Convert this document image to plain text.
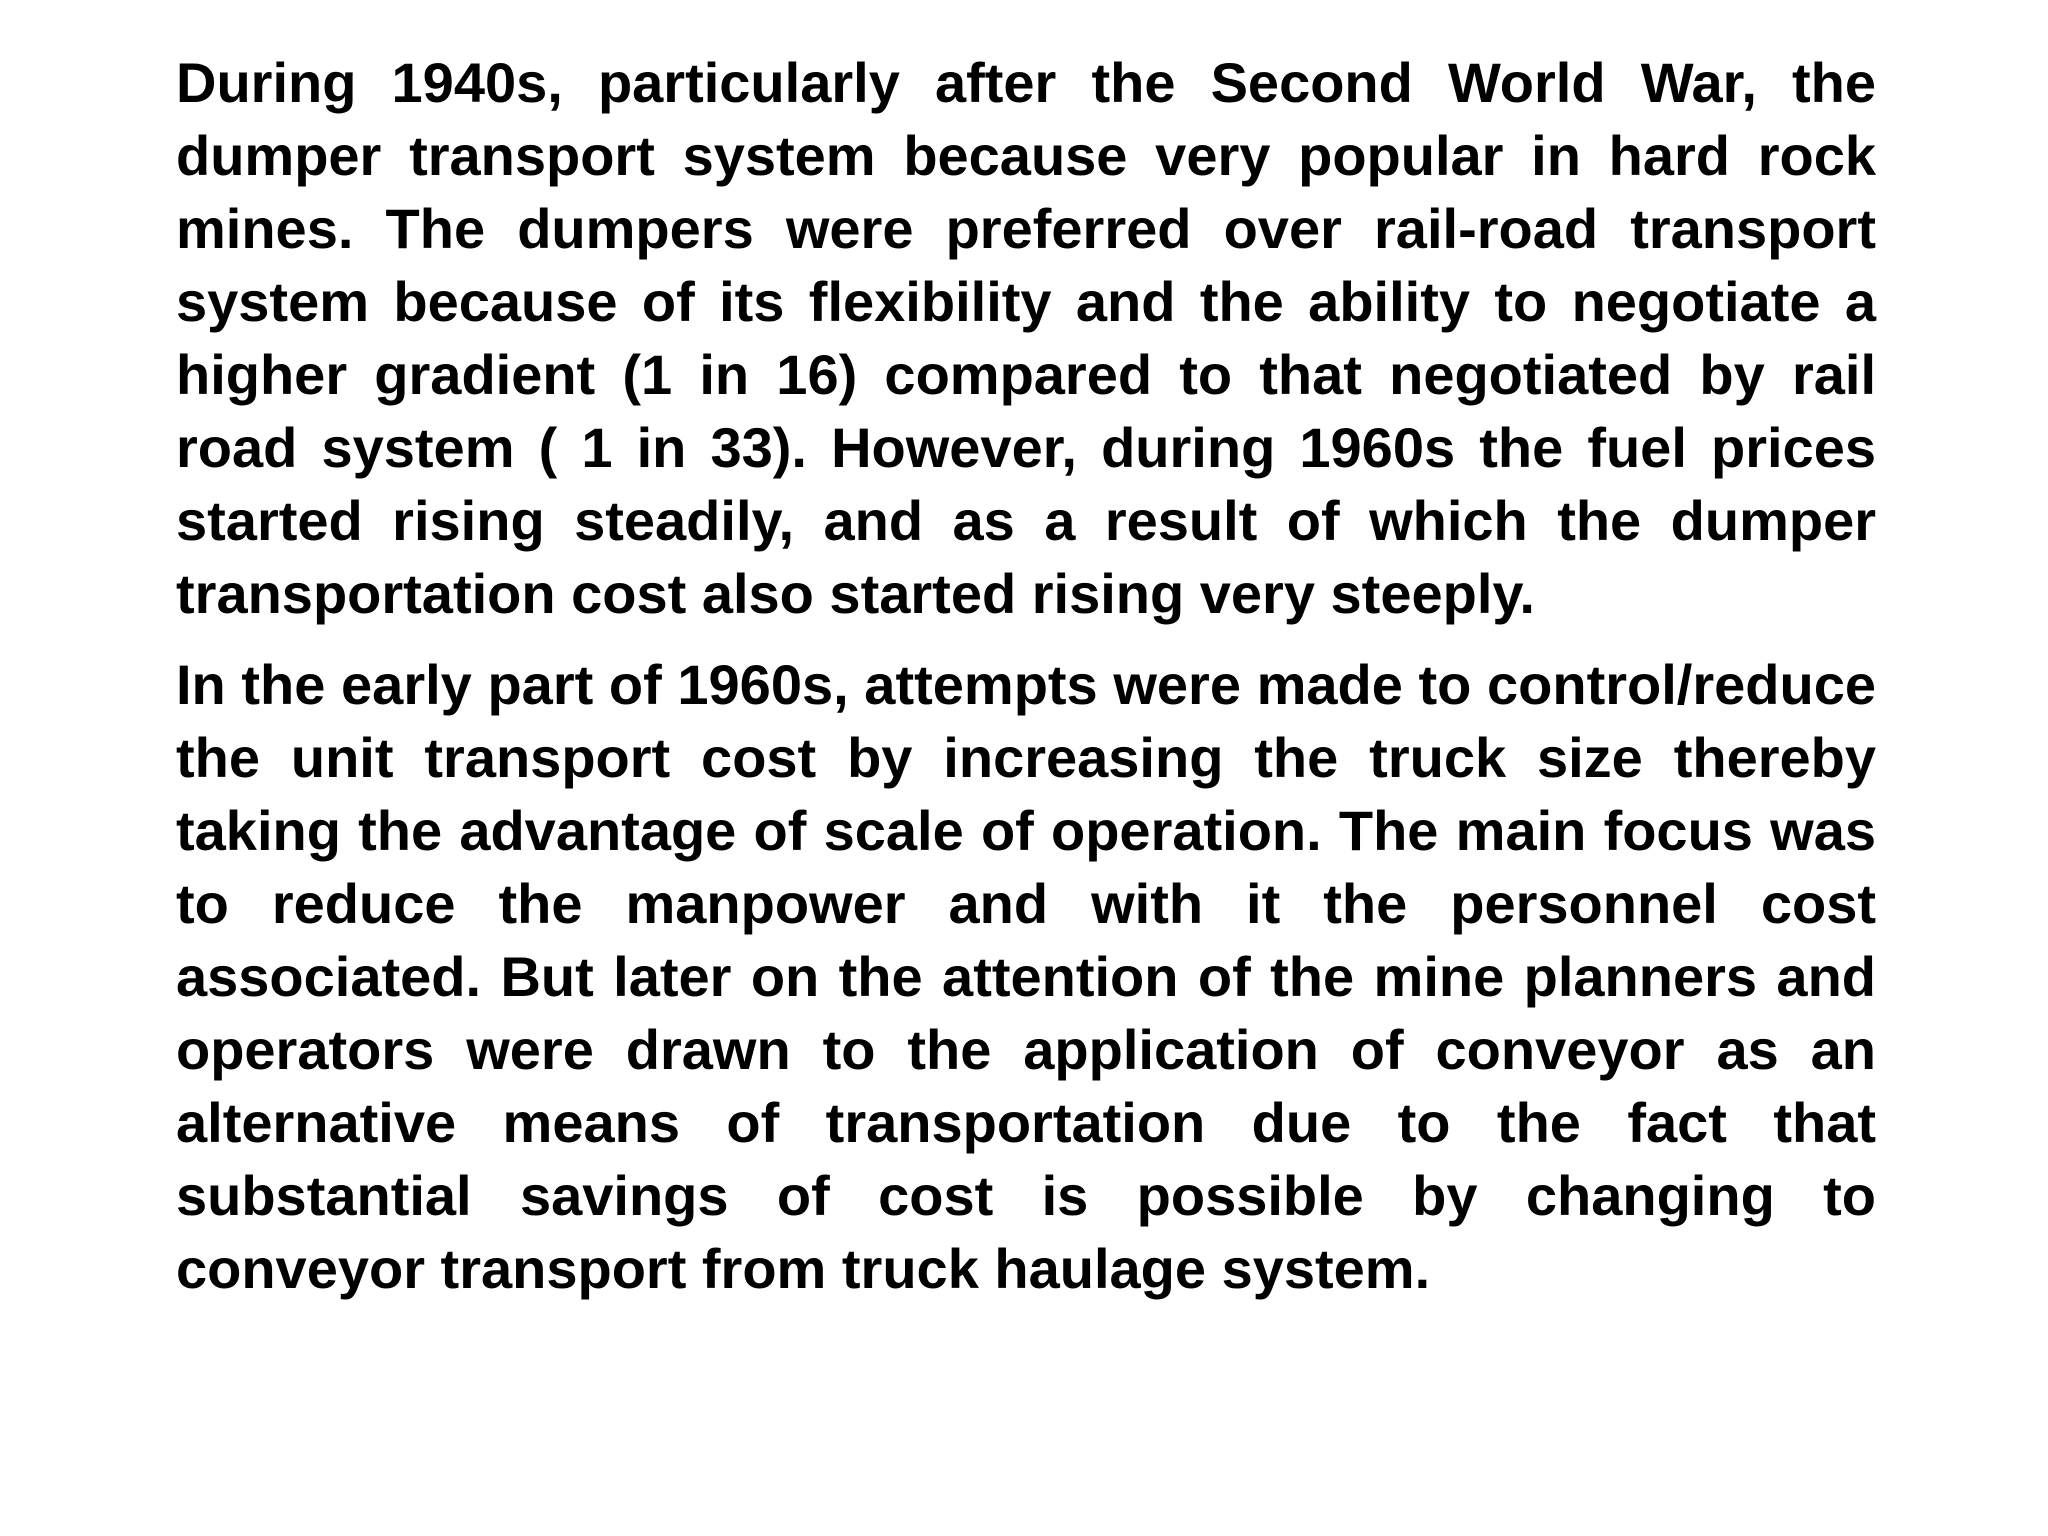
During 1940s, particularly after the Second World War, the dumper transport system because very popular in hard rock mines. The dumpers were preferred over rail-road transport system because of its flexibility and the ability to negotiate a higher gradient (1 in 16) compared to that negotiated by rail road system ( 1 in 33). However, during 1960s the fuel prices started rising steadily, and as a result of which the dumper transportation cost also started rising very steeply.

In the early part of 1960s, attempts were made to control/reduce the unit transport cost by increasing the truck size thereby taking the advantage of scale of operation. The main focus was to reduce the manpower and with it the personnel cost associated. But later on the attention of the mine planners and operators were drawn to the application of conveyor as an alternative means of transportation due to the fact that substantial savings of cost is possible by changing to conveyor transport from truck haulage system.
